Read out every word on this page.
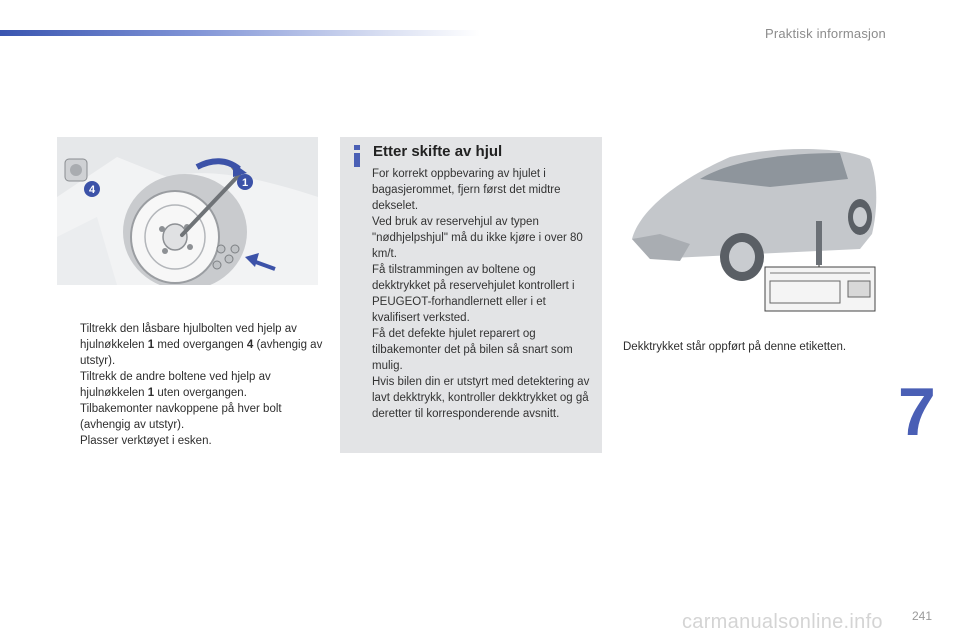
Praktisk informasjon
4
1
Tiltrekk den låsbare hjulbolten ved hjelp av hjulnøkkelen 1 med overgangen 4 (avhengig av utstyr).
Tiltrekk de andre boltene ved hjelp av hjulnøkkelen 1 uten overgangen.
Tilbakemonter navkoppene på hver bolt (avhengig av utstyr).
Plasser verktøyet i esken.
Etter skifte av hjul

For korrekt oppbevaring av hjulet i bagasjerommet, fjern først det midtre dekselet.

Ved bruk av reservehjul av typen "nødhjelpshjul" må du ikke kjøre i over 80 km/t.

Få tilstrammingen av boltene og dekktrykket på reservehjulet kontrollert i PEUGEOT-forhandlernett eller i et kvalifisert verksted.

Få det defekte hjulet reparert og tilbakemonter det på bilen så snart som mulig.

Hvis bilen din er utstyrt med detektering av lavt dekktrykk, kontroller dekktrykket og gå deretter til korresponderende avsnitt.

Dekktrykket står oppført på denne etiketten.
7
241
carmanualsonline.info
